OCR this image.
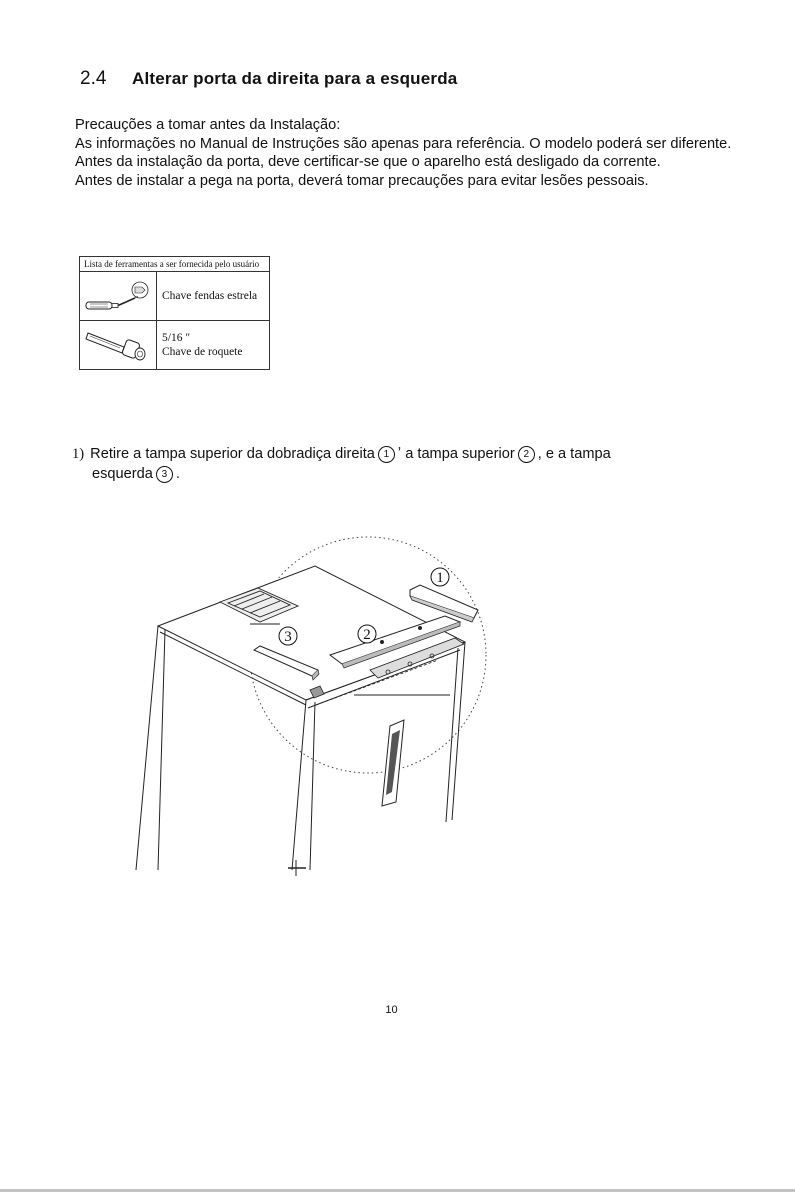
2.4 Alterar porta da direita para a esquerda

Precauções a tomar antes da Instalação:

As informações no Manual de Instruções são apenas para referência. O modelo poderá ser diferente.

Antes da instalação da porta, deve certificar-se que o aparelho está desligado da corrente.

Antes de instalar a pega na porta, deverá tomar precauções para evitar lesões pessoais.

Lista de ferramentas a ser fornecida pelo usuário	

Chave fendas estrela

5/16 ″
Chave de roquete
1) Retire a tampa superior da dobradiça direita 1 ʼ a tampa superior 2 , e a tampa
esquerda 3 .
1
2
3
10
